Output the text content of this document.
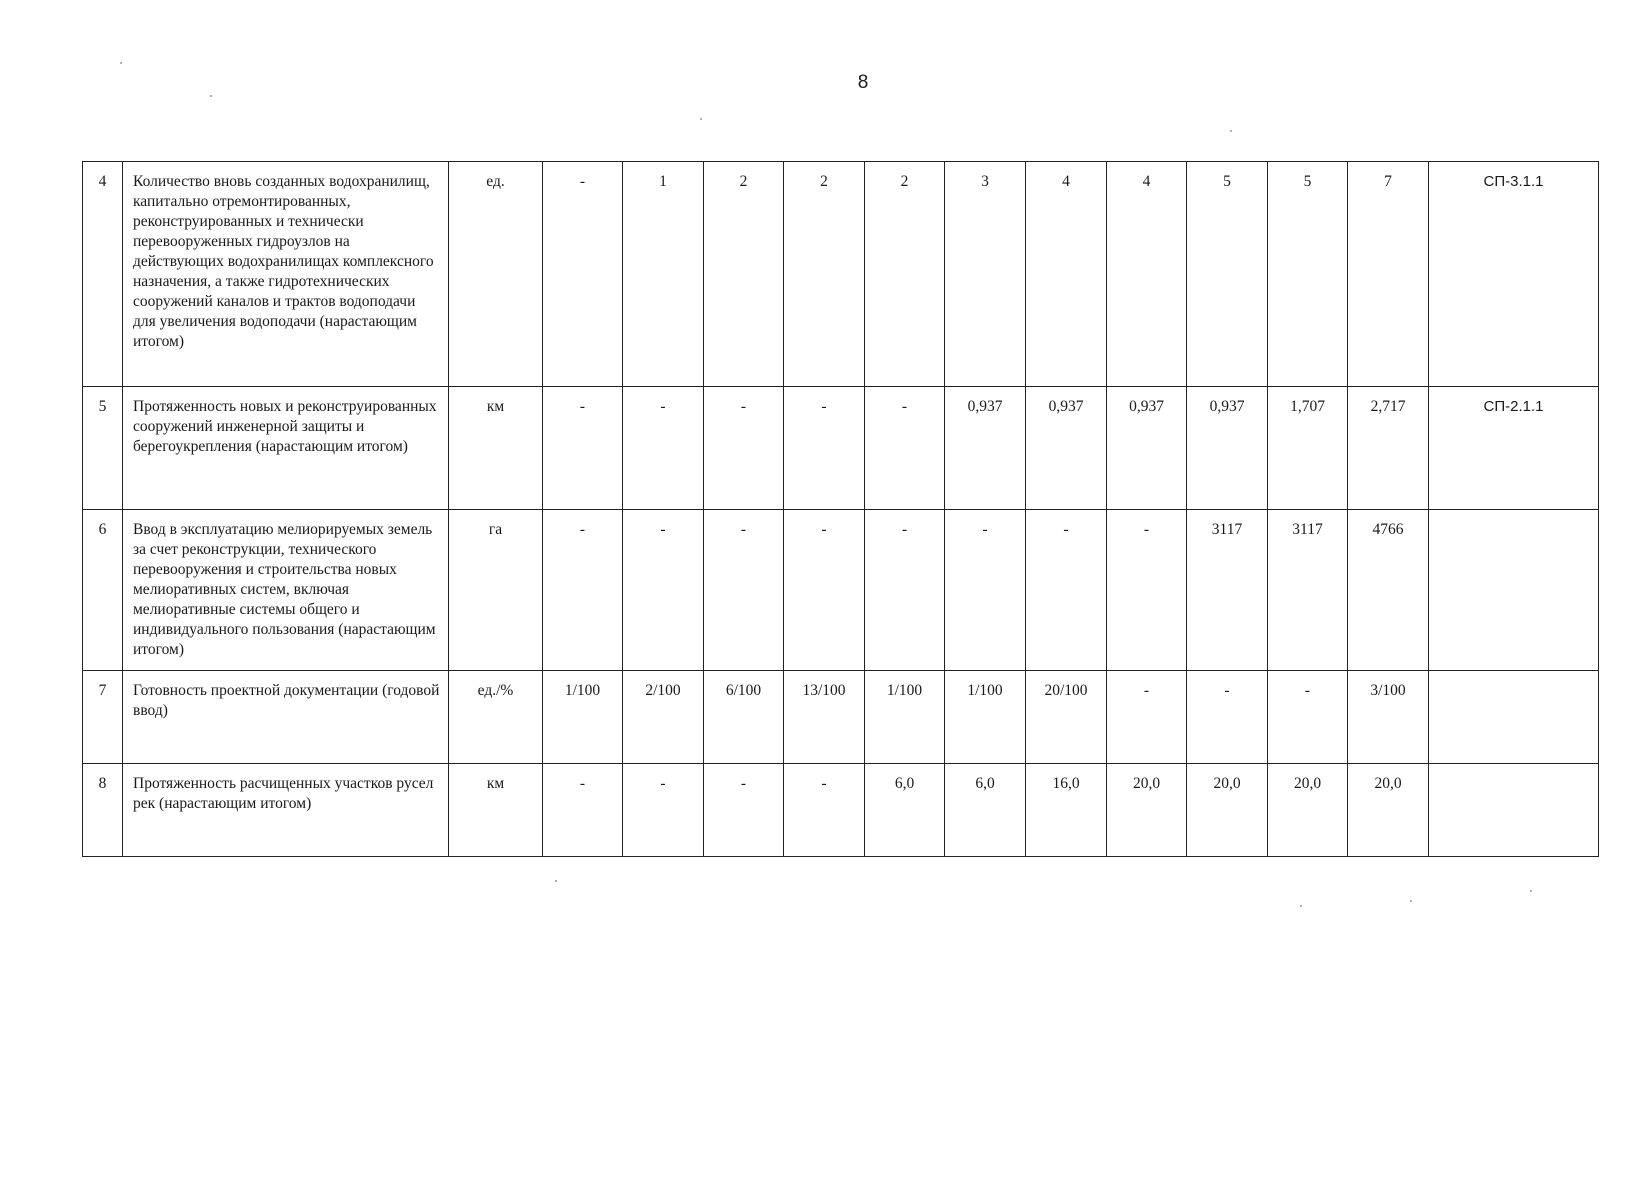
8
4	Количество вновь созданных водохранилищ, капитально отремонтированных, реконструированных и технически перевооруженных гидроузлов на действующих водохранилищах комплексного назначения, а также гидротехнических сооружений каналов и трактов водоподачи для увеличения водоподачи (нарастающим итогом)	ед.	-	1	2	2	2	3	4	4	5	5	7	СП-3.1.1
5	Протяженность новых и реконструированных сооружений инженерной защиты и берегоукрепления (нарастающим итогом)	км	-	-	-	-	-	0,937	0,937	0,937	0,937	1,707	2,717	СП-2.1.1
6	Ввод в эксплуатацию мелиорируемых земель за счет реконструкции, технического перевооружения и строительства новых мелиоративных систем, включая мелиоративные системы общего и индивидуального пользования (нарастающим итогом)	га	-	-	-	-	-	-	-	-	3117	3117	4766	
7	Готовность проектной документации (годовой ввод)	ед./%	1/100	2/100	6/100	13/100	1/100	1/100	20/100	-	-	-	3/100	
8	Протяженность расчищенных участков русел рек (нарастающим итогом)	км	-	-	-	-	6,0	6,0	16,0	20,0	20,0	20,0	20,0	
